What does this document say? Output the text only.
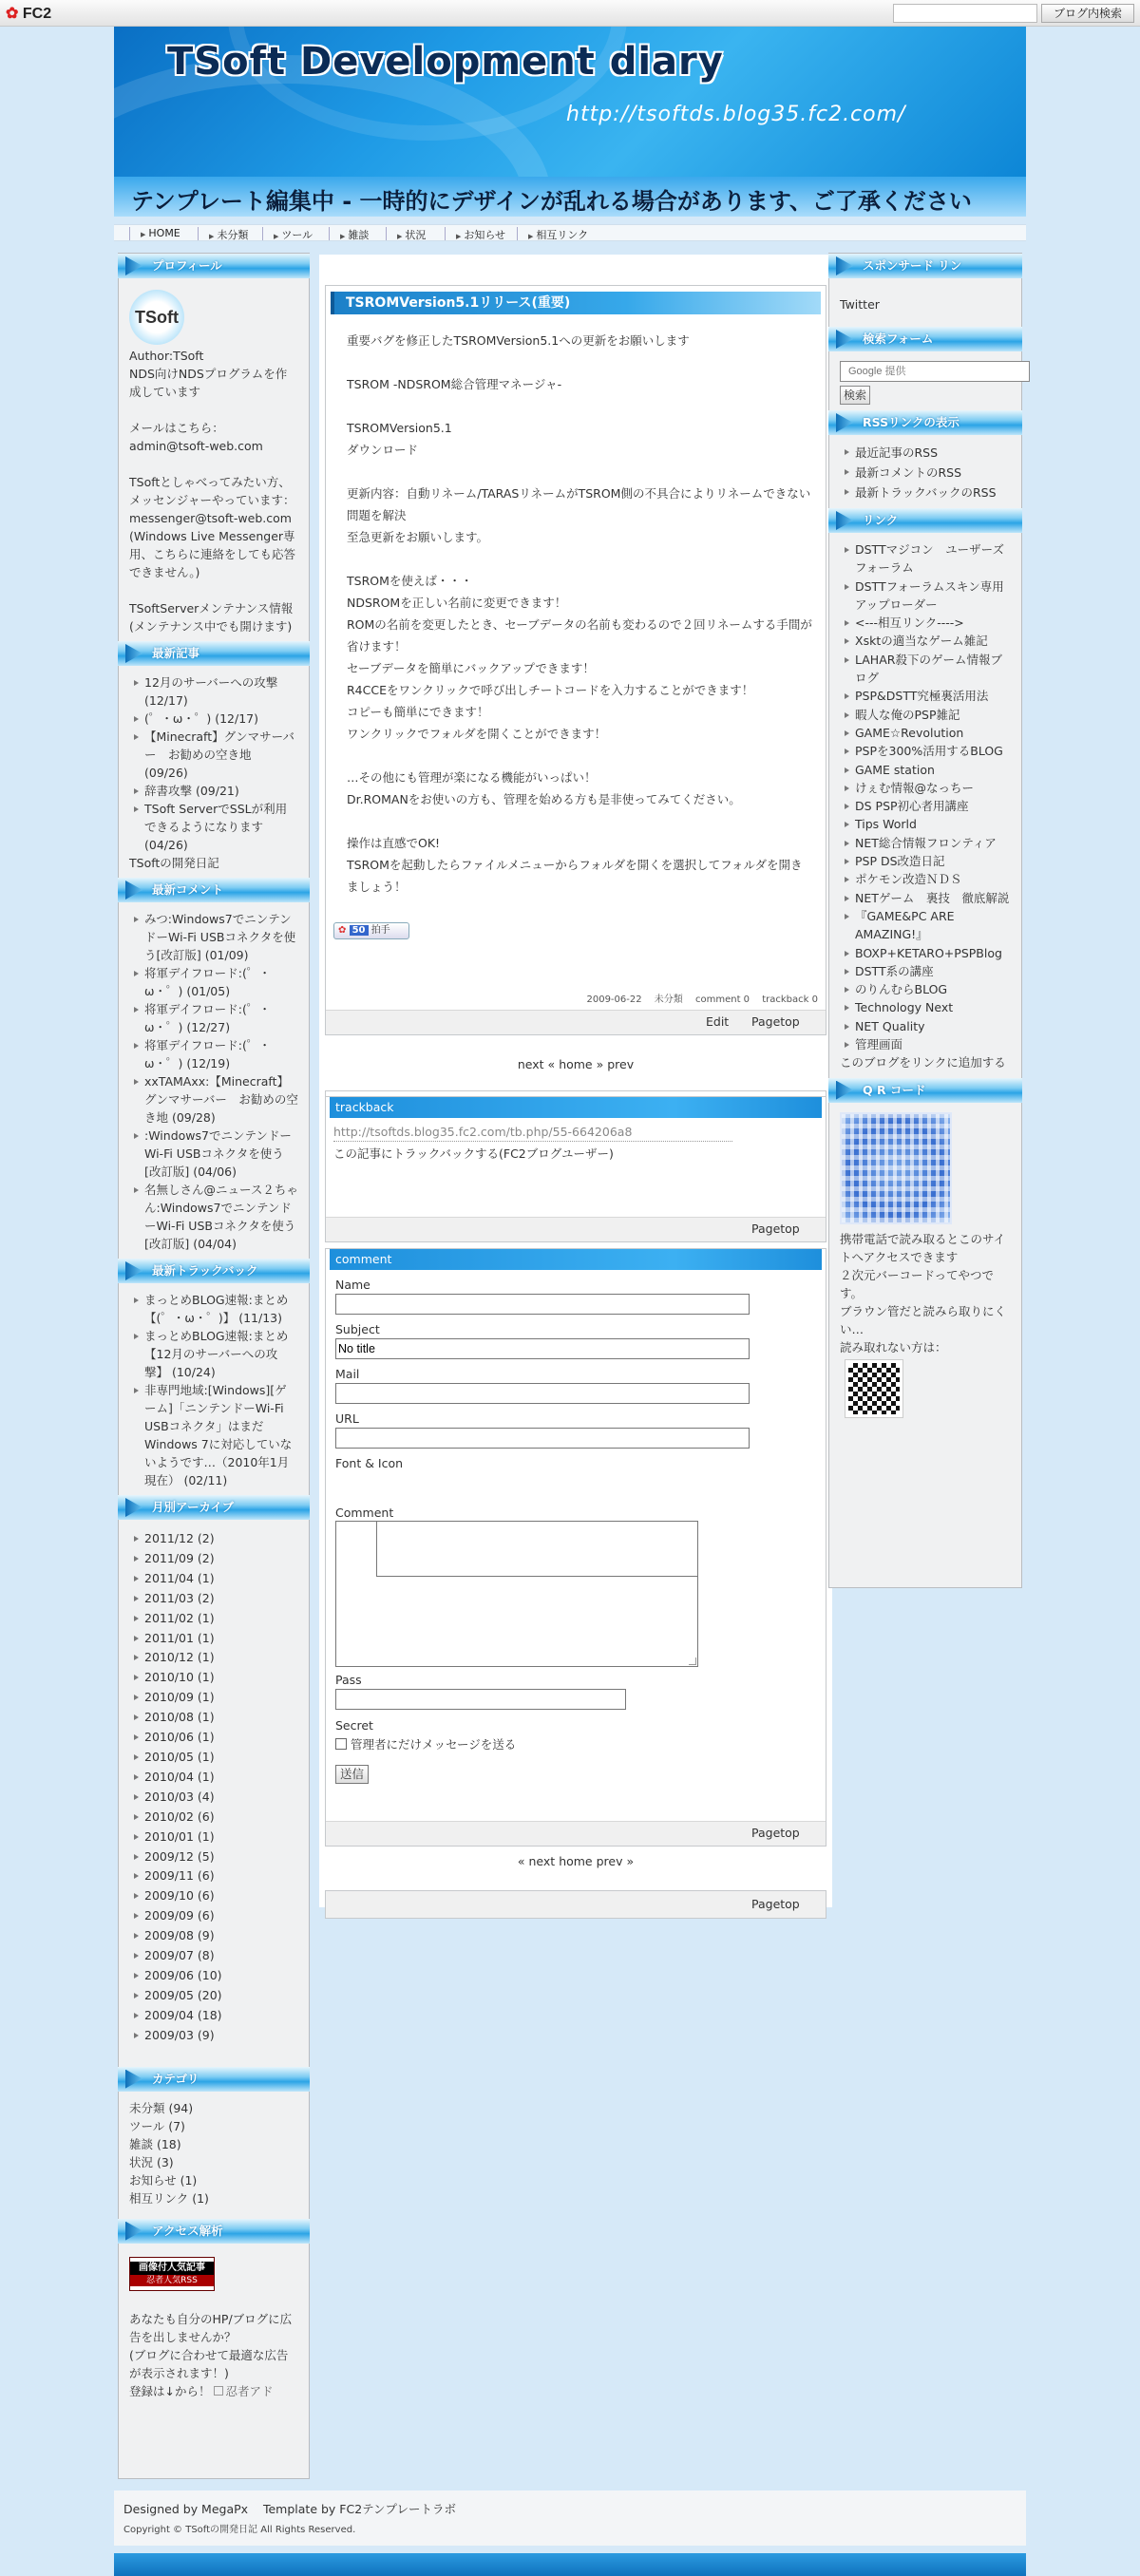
✿ FC2	ブログ内検索
TSoft Development diary
http://tsoftds.blog35.fc2.com/
テンプレート編集中 - 一時的にデザインが乱れる場合があります、ご了承ください
▶ HOME	▶ 未分類	▶ ツール	▶ 雑談	▶ 状況	▶ お知らせ	▶ 相互リンク
プロフィール
TSoft
Author:TSoft
NDS向けNDSプログラムを作成しています
メールはこちら：
admin@tsoft-web.com
TSoftとしゃべってみたい方、メッセンジャーやっています：
messenger@tsoft-web.com
(Windows Live Messenger専用、こちらに連絡をしても応答できません。)
TSoftServerメンテナンス情報
(メンテナンス中でも開けます)
最新記事
12月のサーバーへの攻撃 (12/17)
(゜・ω・゜) (12/17)
【Minecraft】グンマサーバー　お勧めの空き地 (09/26)
辞書攻撃 (09/21)
TSoft ServerでSSLが利用できるようになります (04/26)
TSoftの開発日記
最新コメント
みつ:Windows7でニンテンドーWi-Fi USBコネクタを使う[改訂版] (01/09)
将軍デイフロード:(゜・ω・゜) (01/05)
将軍デイフロード:(゜・ω・゜) (12/27)
将軍デイフロード:(゜・ω・゜) (12/19)
xxTAMAxx:【Minecraft】グンマサーバー　お勧めの空き地 (09/28)
:Windows7でニンテンドーWi-Fi USBコネクタを使う[改訂版] (04/06)
名無しさん@ニュース２ちゃん:Windows7でニンテンドーWi-Fi USBコネクタを使う[改訂版] (04/04)
最新トラックバック
まっとめBLOG速報:まとめ【(゜・ω・゜)】 (11/13)
まっとめBLOG速報:まとめ【12月のサーバーへの攻撃】 (10/24)
非専門地域:[Windows][ゲーム]「ニンテンドーWi-Fi USBコネクタ」はまだWindows 7に対応していないようです…（2010年1月現在） (02/11)
月別アーカイブ
2011/12 (2)
2011/09 (2)
2011/04 (1)
2011/03 (2)
2011/02 (1)
2011/01 (1)
2010/12 (1)
2010/10 (1)
2010/09 (1)
2010/08 (1)
2010/06 (1)
2010/05 (1)
2010/04 (1)
2010/03 (4)
2010/02 (6)
2010/01 (1)
2009/12 (5)
2009/11 (6)
2009/10 (6)
2009/09 (6)
2009/08 (9)
2009/07 (8)
2009/06 (10)
2009/05 (20)
2009/04 (18)
2009/03 (9)
カテゴリ
未分類 (94)
ツール (7)
雑談 (18)
状況 (3)
お知らせ (1)
相互リンク (1)
アクセス解析
画像付人気記事
忍者人気RSS
あなたも自分のHP/ブログに広告を出しませんか？
(ブログに合わせて最適な広告が表示されます！)
登録は↓から！ 忍者アド
TSROMVersion5.1リリース(重要)

重要バグを修正したTSROMVersion5.1への更新をお願いします

TSROM -NDSROM総合管理マネージャ-

TSROMVersion5.1

ダウンロード

更新内容：自動リネーム/TARASリネームがTSROM側の不具合によりリネームできない問題を解決

至急更新をお願いします。

TSROMを使えば・・・

NDSROMを正しい名前に変更できます！

ROMの名前を変更したとき、セーブデータの名前も変わるので２回リネームする手間が省けます！

セーブデータを簡単にバックアップできます！

R4CCEをワンクリックで呼び出しチートコードを入力することができます！

コピーも簡単にできます！

ワンクリックでフォルダを開くことができます！

…その他にも管理が楽になる機能がいっぱい！

Dr.ROMANをお使いの方も、管理を始める方も是非使ってみてください。

操作は直感でOK!

TSROMを起動したらファイルメニューからフォルダを開くを選択してフォルダを開きましょう！

✿ 50 拍手
2009-06-22 未分類 comment 0 trackback 0
Edit Pagetop
next « home » prev
trackback
http://tsoftds.blog35.fc2.com/tb.php/55-664206a8
この記事にトラックバックする(FC2ブログユーザー)
Pagetop
comment
Name
Subject
No title
Mail
URL
Font & Icon
Comment
Pass
Secret
管理者にだけメッセージを送る
送信
Pagetop
« next home prev »
Pagetop
スポンサード リン
Twitter
検索フォーム
Google 提供 検索
RSSリンクの表示
最近記事のRSS
最新コメントのRSS
最新トラックバックのRSS
リンク
DSTTマジコン　ユーザーズフォーラム
DSTTフォーラムスキン専用アップローダー
<---相互リンク---->
Xsktの適当なゲーム雑記
LAHAR殺下のゲーム情報ブログ
PSP&DSTT究極裏活用法
暇人な俺のPSP雑記
GAME☆Revolution
PSPを300%活用するBLOG
GAME station
けぇむ情報@なっちー
DS PSP初心者用講座
Tips World
NET総合情報フロンティア
PSP DS改造日記
ポケモン改造ＮＤＳ
NETゲーム　裏技　徹底解説
『GAME&PC ARE AMAZING!』
BOXP+KETARO+PSPBlog
DSTT系の講座
のりんむらBLOG
Technology Next
NET Quality
管理画面
このブログをリンクに追加する
Q R コード
携帯電話で読み取るとこのサイトへアクセスできます
２次元バーコードってやつです。
ブラウン管だと読みら取りにくい…
読み取れない方は：
Designed by MegaPx Template by FC2テンプレートラボ
Copyright © TSoftの開発日記 All Rights Reserved.
